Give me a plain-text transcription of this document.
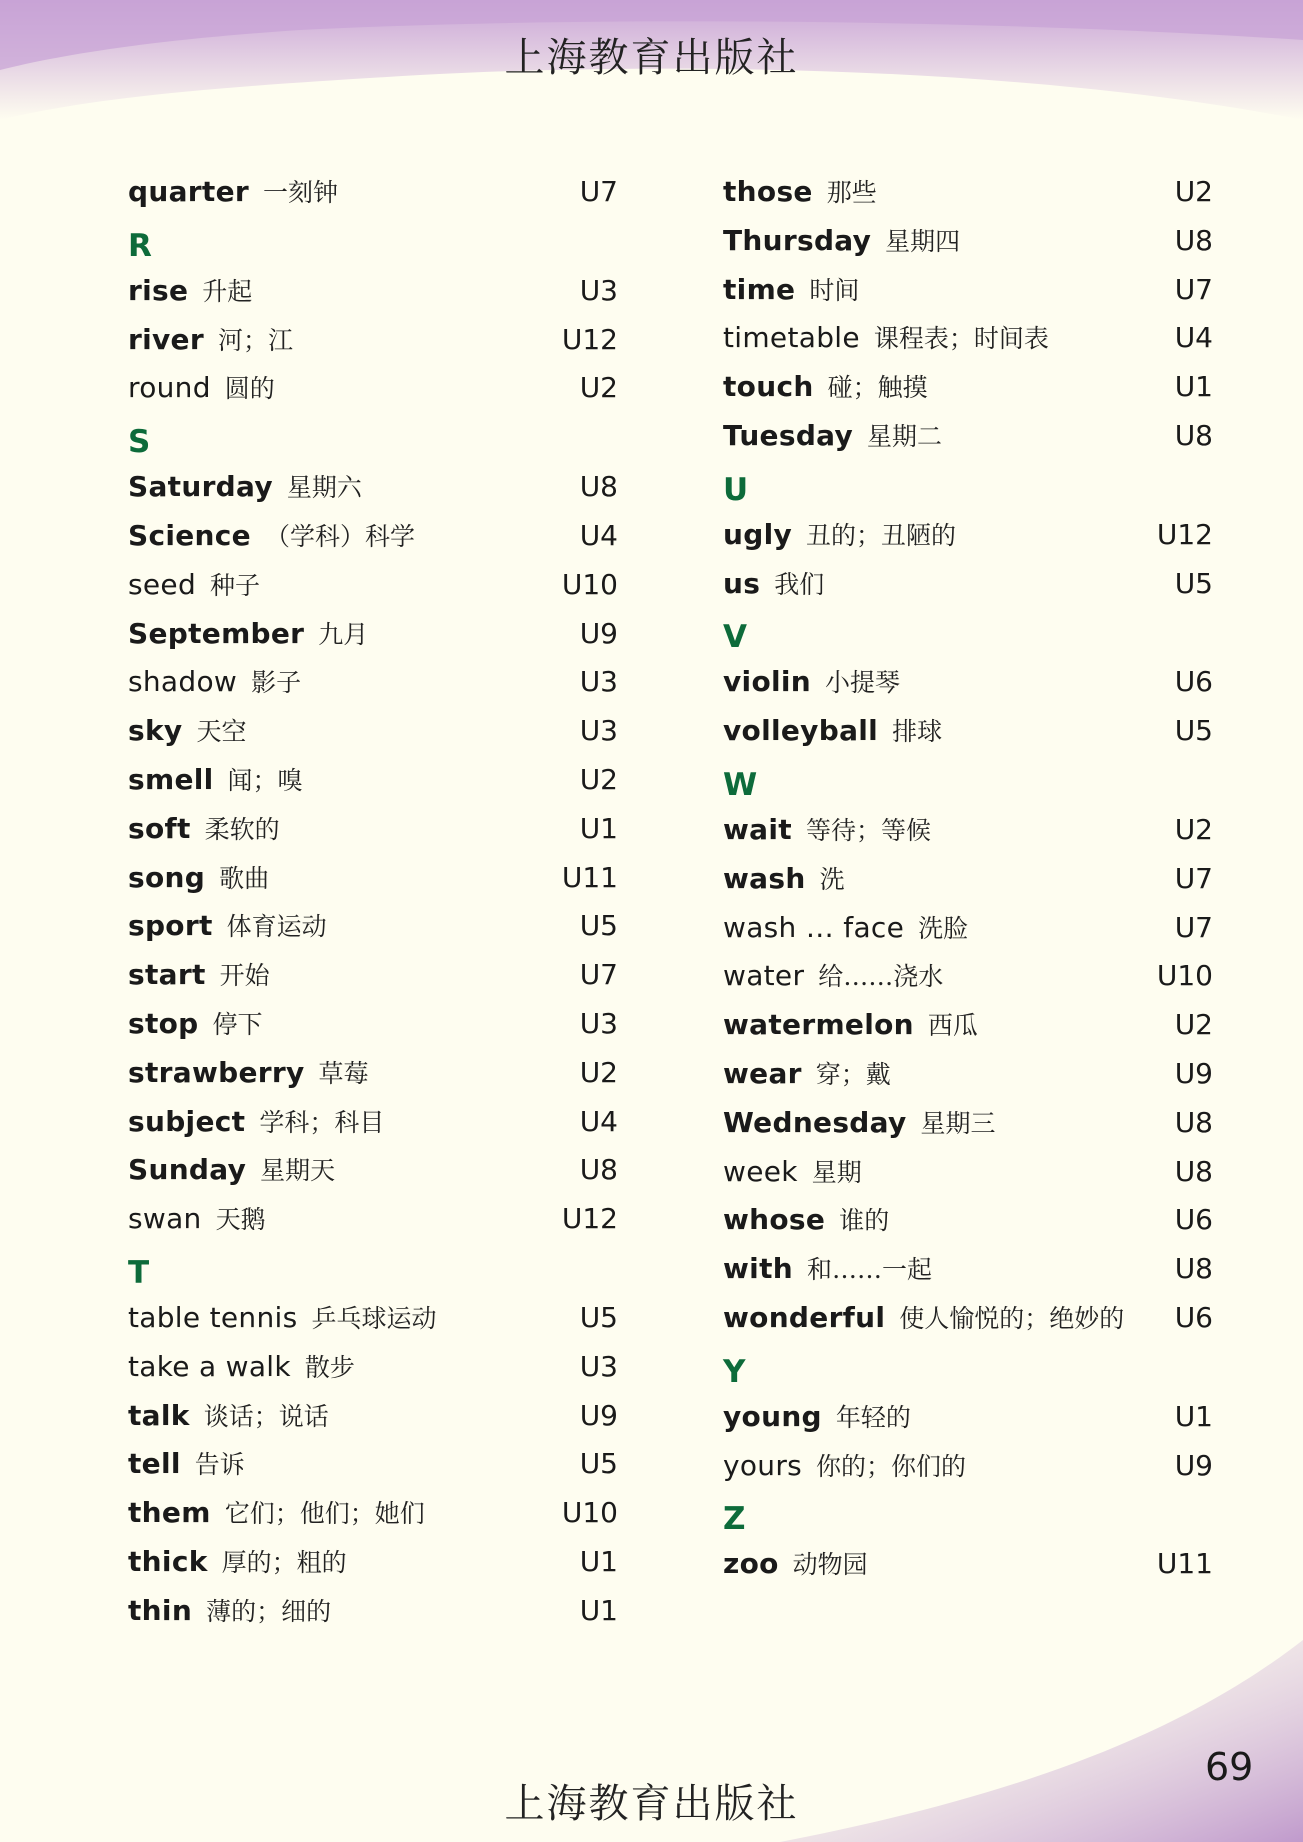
上海教育出版社
quarter 一刻钟	U7
R
rise 升起	U3
river 河；江	U12
round 圆的	U2
S
Saturday 星期六	U8
Science （学科）科学	U4
seed 种子	U10
September 九月	U9
shadow 影子	U3
sky 天空	U3
smell 闻；嗅	U2
soft 柔软的	U1
song 歌曲	U11
sport 体育运动	U5
start 开始	U7
stop 停下	U3
strawberry 草莓	U2
subject 学科；科目	U4
Sunday 星期天	U8
swan 天鹅	U12
T
table tennis 乒乓球运动	U5
take a walk 散步	U3
talk 谈话；说话	U9
tell 告诉	U5
them 它们；他们；她们	U10
thick 厚的；粗的	U1
thin 薄的；细的	U1
those 那些	U2
Thursday 星期四	U8
time 时间	U7
timetable 课程表；时间表	U4
touch 碰；触摸	U1
Tuesday 星期二	U8
U
ugly 丑的；丑陋的	U12
us 我们	U5
V
violin 小提琴	U6
volleyball 排球	U5
W
wait 等待；等候	U2
wash 洗	U7
wash … face 洗脸	U7
water 给……浇水	U10
watermelon 西瓜	U2
wear 穿；戴	U9
Wednesday 星期三	U8
week 星期	U8
whose 谁的	U6
with 和……一起	U8
wonderful 使人愉悦的；绝妙的 U6
Y
young 年轻的	U1
yours 你的；你们的	U9
Z
zoo 动物园	U11
69
上海教育出版社
